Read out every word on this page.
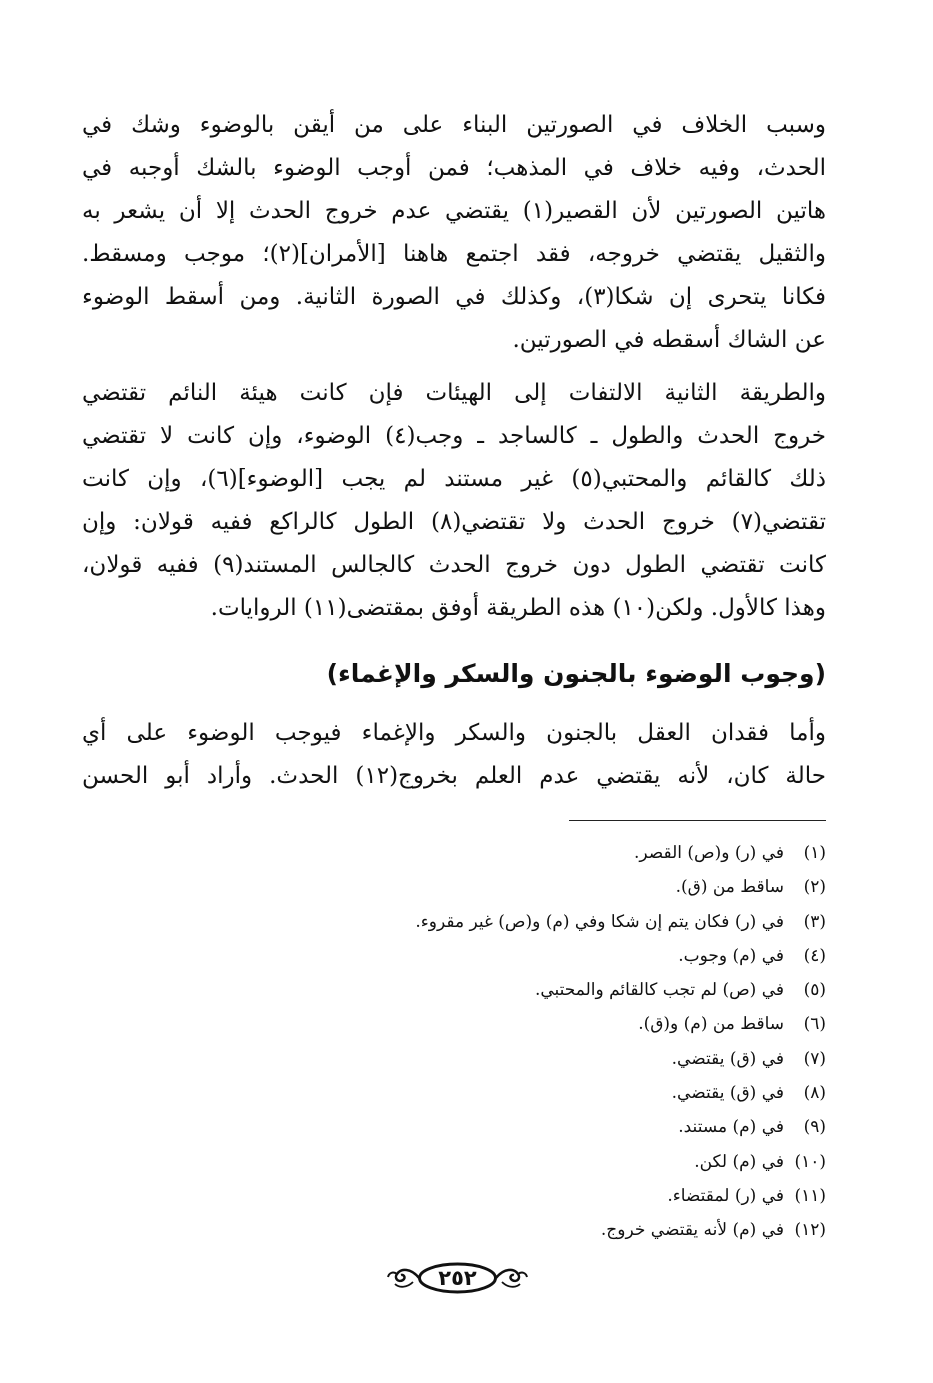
وسبب الخلاف في الصورتين البناء على من أيقن بالوضوء وشك في
الحدث، وفيه خلاف في المذهب؛ فمن أوجب الوضوء بالشك أوجبه في
هاتين الصورتين لأن القصير(١) يقتضي عدم خروج الحدث إلا أن يشعر به
والثقيل يقتضي خروجه، فقد اجتمع هاهنا [الأمران](٢)؛ موجب ومسقط.
فكانا يتحرى إن شكا(٣)، وكذلك في الصورة الثانية. ومن أسقط الوضوء
عن الشاك أسقطه في الصورتين.
والطريقة الثانية الالتفات إلى الهيئات فإن كانت هيئة النائم تقتضي
خروج الحدث والطول ـ كالساجد ـ وجب(٤) الوضوء، وإن كانت لا تقتضي
ذلك كالقائم والمحتبي(٥) غير مستند لم يجب [الوضوء](٦)، وإن كانت
تقتضي(٧) خروج الحدث ولا تقتضي(٨) الطول كالراكع ففيه قولان: وإن
كانت تقتضي الطول دون خروج الحدث كالجالس المستند(٩) ففيه قولان،
وهذا كالأول. ولكن(١٠) هذه الطريقة أوفق بمقتضى(١١) الروايات.
(وجوب الوضوء بالجنون والسكر والإغماء)
وأما فقدان العقل بالجنون والسكر والإغماء فيوجب الوضوء على أي
حالة كان، لأنه يقتضي عدم العلم بخروج(١٢) الحدث. وأراد أبو الحسن
(١)في (ر) و(ص) القصر.
(٢)ساقط من (ق).
(٣)في (ر) فكان يتم إن شكا وفي (م) و(ص) غير مقروء.
(٤)في (م) وجوب.
(٥)في (ص) لم تجب كالقائم والمحتبي.
(٦)ساقط من (م) و(ق).
(٧)في (ق) يقتضي.
(٨)في (ق) يقتضي.
(٩)في (م) مستند.
(١٠)في (م) لكن.
(١١)في (ر) لمقتضاء.
(١٢)في (م) لأنه يقتضي خروج.
٢٥٢
